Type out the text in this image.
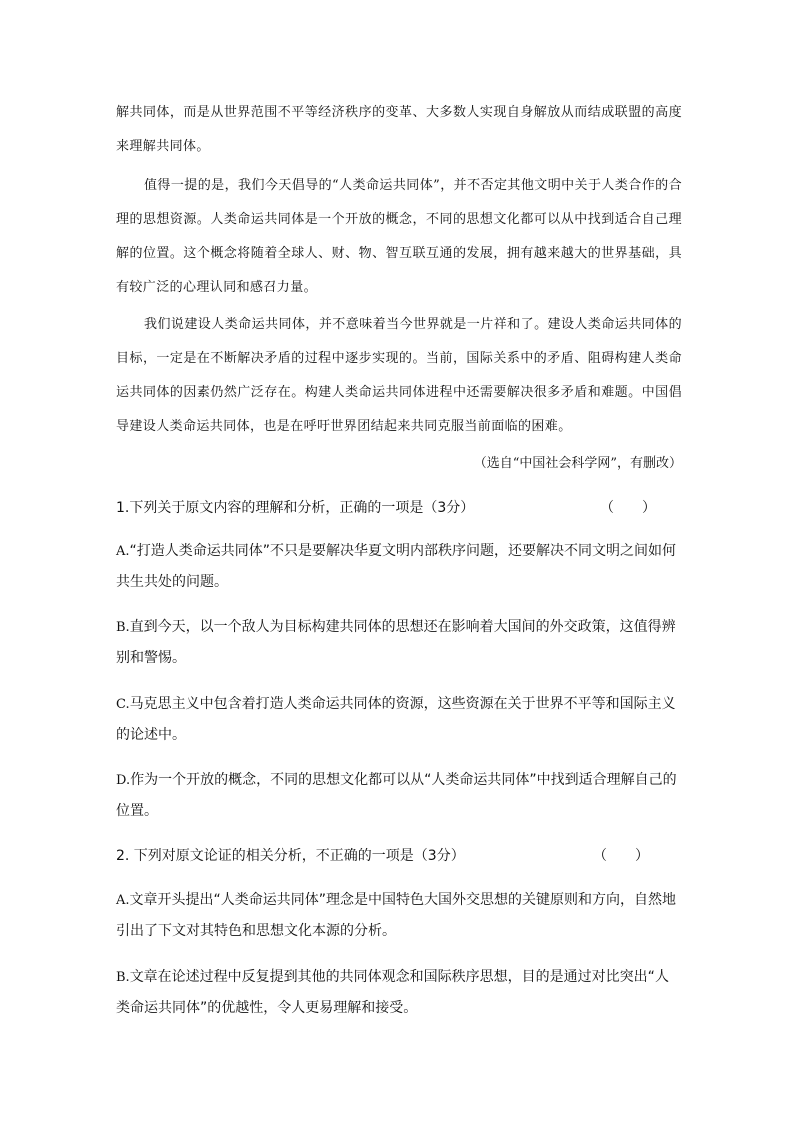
解共同体，而是从世界范围不平等经济秩序的变革、大多数人实现自身解放从而结成联盟的高度来理解共同体。

值得一提的是，我们今天倡导的“人类命运共同体”，并不否定其他文明中关于人类合作的合理的思想资源。人类命运共同体是一个开放的概念，不同的思想文化都可以从中找到适合自己理解的位置。这个概念将随着全球人、财、物、智互联互通的发展，拥有越来越大的世界基础，具有较广泛的心理认同和感召力量。

我们说建设人类命运共同体，并不意味着当今世界就是一片祥和了。建设人类命运共同体的目标，一定是在不断解决矛盾的过程中逐步实现的。当前，国际关系中的矛盾、阻碍构建人类命运共同体的因素仍然广泛存在。构建人类命运共同体进程中还需要解决很多矛盾和难题。中国倡导建设人类命运共同体，也是在呼吁世界团结起来共同克服当前面临的困难。

（选自“中国社会科学网”，有删改）

1.下列关于原文内容的理解和分析，正确的一项是（3分）	（　　）

A.“打造人类命运共同体”不只是要解决华夏文明内部秩序问题，还要解决不同文明之间如何共生共处的问题。

B.直到今天，以一个敌人为目标构建共同体的思想还在影响着大国间的外交政策，这值得辨别和警惕。

C.马克思主义中包含着打造人类命运共同体的资源，这些资源在关于世界不平等和国际主义的论述中。

D.作为一个开放的概念，不同的思想文化都可以从“人类命运共同体”中找到适合理解自己的位置。

2. 下列对原文论证的相关分析，不正确的一项是（3分）	（　　）

A.文章开头提出“人类命运共同体”理念是中国特色大国外交思想的关键原则和方向，自然地引出了下文对其特色和思想文化本源的分析。

B.文章在论述过程中反复提到其他的共同体观念和国际秩序思想，目的是通过对比突出“人类命运共同体”的优越性，令人更易理解和接受。
